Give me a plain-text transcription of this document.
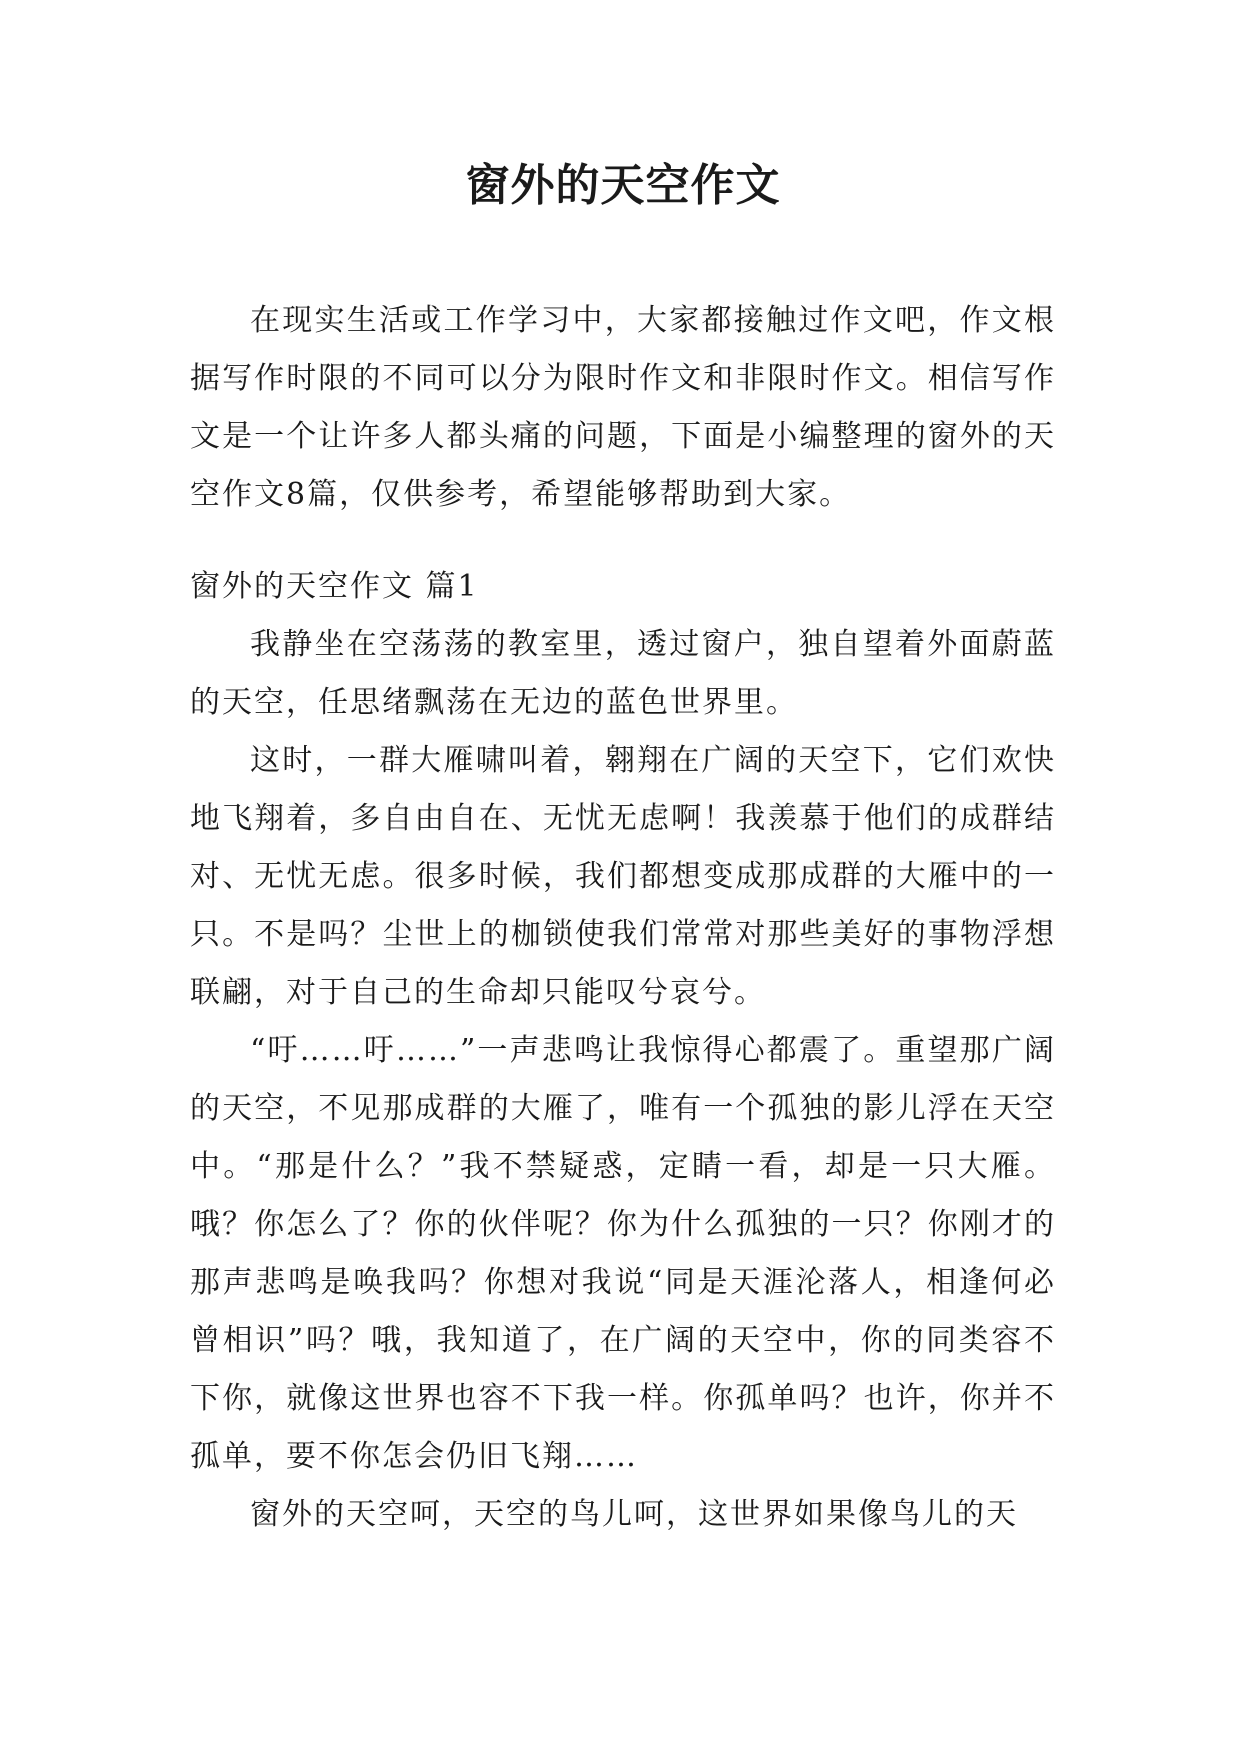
窗外的天空作文

在现实生活或工作学习中，大家都接触过作文吧，作文根据写作时限的不同可以分为限时作文和非限时作文。相信写作文是一个让许多人都头痛的问题，下面是小编整理的窗外的天空作文8篇，仅供参考，希望能够帮助到大家。

窗外的天空作文 篇1

我静坐在空荡荡的教室里，透过窗户，独自望着外面蔚蓝的天空，任思绪飘荡在无边的蓝色世界里。

这时，一群大雁啸叫着，翱翔在广阔的天空下，它们欢快地飞翔着，多自由自在、无忧无虑啊！我羡慕于他们的成群结对、无忧无虑。很多时候，我们都想变成那成群的大雁中的一只。不是吗？尘世上的枷锁使我们常常对那些美好的事物浮想联翩，对于自己的生命却只能叹兮哀兮。

“吁……吁……”一声悲鸣让我惊得心都震了。重望那广阔的天空，不见那成群的大雁了，唯有一个孤独的影儿浮在天空中。“那是什么？”我不禁疑惑，定睛一看，却是一只大雁。哦？你怎么了？你的伙伴呢？你为什么孤独的一只？你刚才的那声悲鸣是唤我吗？你想对我说“同是天涯沦落人，相逢何必曾相识”吗？哦，我知道了，在广阔的天空中，你的同类容不下你，就像这世界也容不下我一样。你孤单吗？也许，你并不孤单，要不你怎会仍旧飞翔……

窗外的天空呵，天空的鸟儿呵，这世界如果像鸟儿的天
